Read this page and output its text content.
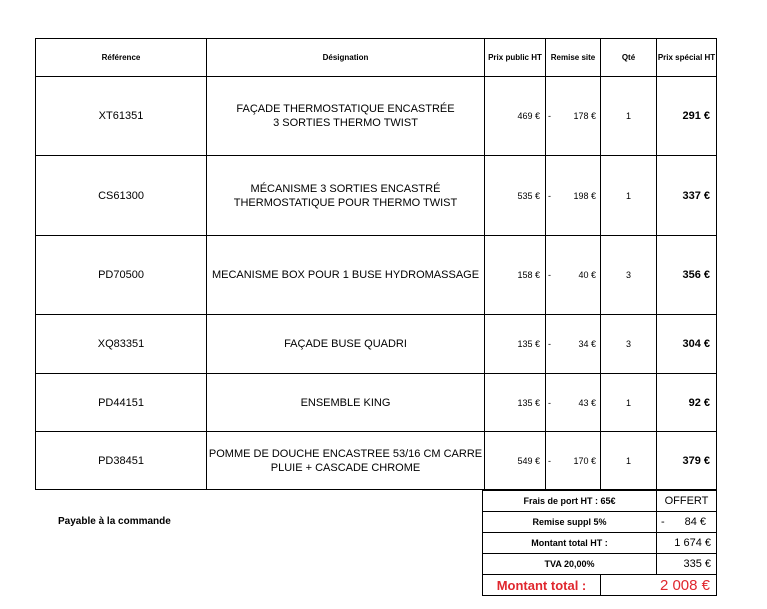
Référence	Désignation	Prix public HT	Remise site	Qté	Prix spécial HT
XT61351	FAÇADE THERMOSTATIQUE ENCASTRÉE
3 SORTIES THERMO TWIST	469 €	- 178 €	1	291 €
CS61300	MÉCANISME 3 SORTIES ENCASTRÉ
THERMOSTATIQUE POUR THERMO TWIST	535 €	- 198 €	1	337 €
PD70500	MECANISME BOX POUR 1 BUSE HYDROMASSAGE	158 €	- 40 €	3	356 €
XQ83351	FAÇADE BUSE QUADRI	135 €	- 34 €	3	304 €
PD44151	ENSEMBLE KING	135 €	- 43 €	1	92 €
PD38451	POMME DE DOUCHE ENCASTREE 53/16 CM CARRE
PLUIE + CASCADE CHROME	549 €	- 170 €	1	379 €
Payable à la commande
Frais de port HT : 65€		OFFERT
Remise suppl 5%		- 84 €

Montant total HT :		1 674 €
TVA 20,00%		335 €
Montant total :	2 008 €	
